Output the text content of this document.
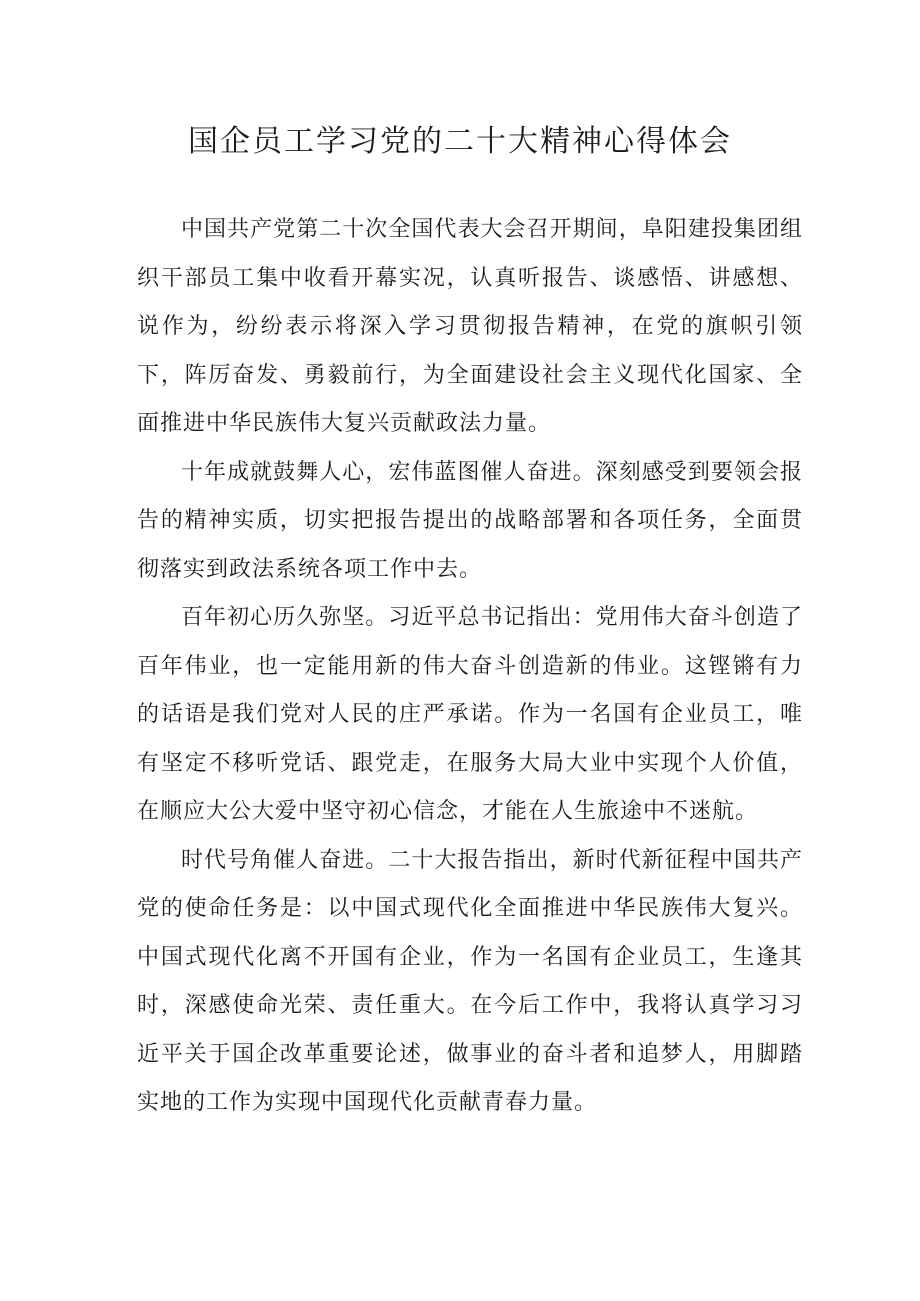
国企员工学习党的二十大精神心得体会

中国共产党第二十次全国代表大会召开期间，阜阳建投集团组织干部员工集中收看开幕实况，认真听报告、谈感悟、讲感想、说作为，纷纷表示将深入学习贯彻报告精神，在党的旗帜引领下，阵厉奋发、勇毅前行，为全面建设社会主义现代化国家、全面推进中华民族伟大复兴贡献政法力量。

十年成就鼓舞人心，宏伟蓝图催人奋进。深刻感受到要领会报告的精神实质，切实把报告提出的战略部署和各项任务，全面贯彻落实到政法系统各项工作中去。

百年初心历久弥坚。习近平总书记指出：党用伟大奋斗创造了百年伟业，也一定能用新的伟大奋斗创造新的伟业。这铿锵有力的话语是我们党对人民的庄严承诺。作为一名国有企业员工，唯有坚定不移听党话、跟党走，在服务大局大业中实现个人价值，在顺应大公大爱中坚守初心信念，才能在人生旅途中不迷航。

时代号角催人奋进。二十大报告指出，新时代新征程中国共产党的使命任务是：以中国式现代化全面推进中华民族伟大复兴。中国式现代化离不开国有企业，作为一名国有企业员工，生逢其时，深感使命光荣、责任重大。在今后工作中，我将认真学习习近平关于国企改革重要论述，做事业的奋斗者和追梦人，用脚踏实地的工作为实现中国现代化贡献青春力量。
